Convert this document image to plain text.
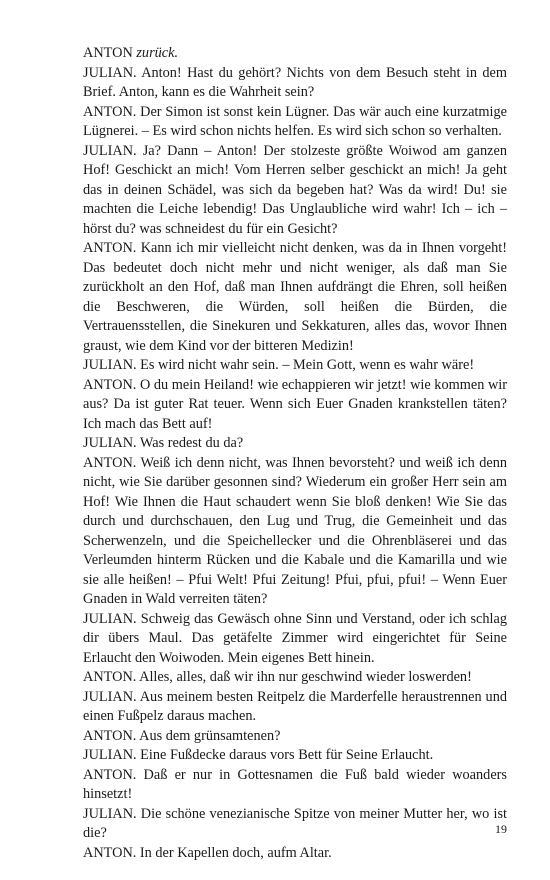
ANTON zurück.

JULIAN. Anton! Hast du gehört? Nichts von dem Besuch steht in dem Brief. Anton, kann es die Wahrheit sein?

ANTON. Der Simon ist sonst kein Lügner. Das wär auch eine kurzatmige Lügnerei. – Es wird schon nichts helfen. Es wird sich schon so verhalten.

JULIAN. Ja? Dann – Anton! Der stolzeste größte Woiwod am ganzen Hof! Geschickt an mich! Vom Herren selber geschickt an mich! Ja geht das in deinen Schädel, was sich da begeben hat? Was da wird! Du! sie machten die Leiche lebendig! Das Unglaubliche wird wahr! Ich – ich – hörst du? was schneidest du für ein Gesicht?

ANTON. Kann ich mir vielleicht nicht denken, was da in Ihnen vorgeht! Das bedeutet doch nicht mehr und nicht weniger, als daß man Sie zurückholt an den Hof, daß man Ihnen aufdrängt die Ehren, soll heißen die Beschweren, die Würden, soll heißen die Bürden, die Vertrauensstellen, die Sinekuren und Sekkaturen, alles das, wovor Ihnen graust, wie dem Kind vor der bitteren Medizin!

JULIAN. Es wird nicht wahr sein. – Mein Gott, wenn es wahr wäre!

ANTON. O du mein Heiland! wie echappieren wir jetzt! wie kommen wir aus? Da ist guter Rat teuer. Wenn sich Euer Gnaden krankstellen täten? Ich mach das Bett auf!

JULIAN. Was redest du da?

ANTON. Weiß ich denn nicht, was Ihnen bevorsteht? und weiß ich denn nicht, wie Sie darüber gesonnen sind? Wiederum ein großer Herr sein am Hof! Wie Ihnen die Haut schaudert wenn Sie bloß denken! Wie Sie das durch und durchschauen, den Lug und Trug, die Gemeinheit und das Scherwenzeln, und die Speichellecker und die Ohrenbläserei und das Verleumden hinterm Rücken und die Kabale und die Kamarilla und wie sie alle heißen! – Pfui Welt! Pfui Zeitung! Pfui, pfui, pfui! – Wenn Euer Gnaden in Wald verreiten täten?

JULIAN. Schweig das Gewäsch ohne Sinn und Verstand, oder ich schlag dir übers Maul. Das getäfelte Zimmer wird eingerichtet für Seine Erlaucht den Woiwoden. Mein eigenes Bett hinein.

ANTON. Alles, alles, daß wir ihn nur geschwind wieder loswerden!

JULIAN. Aus meinem besten Reitpelz die Marderfelle heraustrennen und einen Fußpelz daraus machen.

ANTON. Aus dem grünsamtenen?

JULIAN. Eine Fußdecke daraus vors Bett für Seine Erlaucht.

ANTON. Daß er nur in Gottesnamen die Fuß bald wieder woanders hinsetzt!

JULIAN. Die schöne venezianische Spitze von meiner Mutter her, wo ist die?

ANTON. In der Kapellen doch, aufm Altar.

19
